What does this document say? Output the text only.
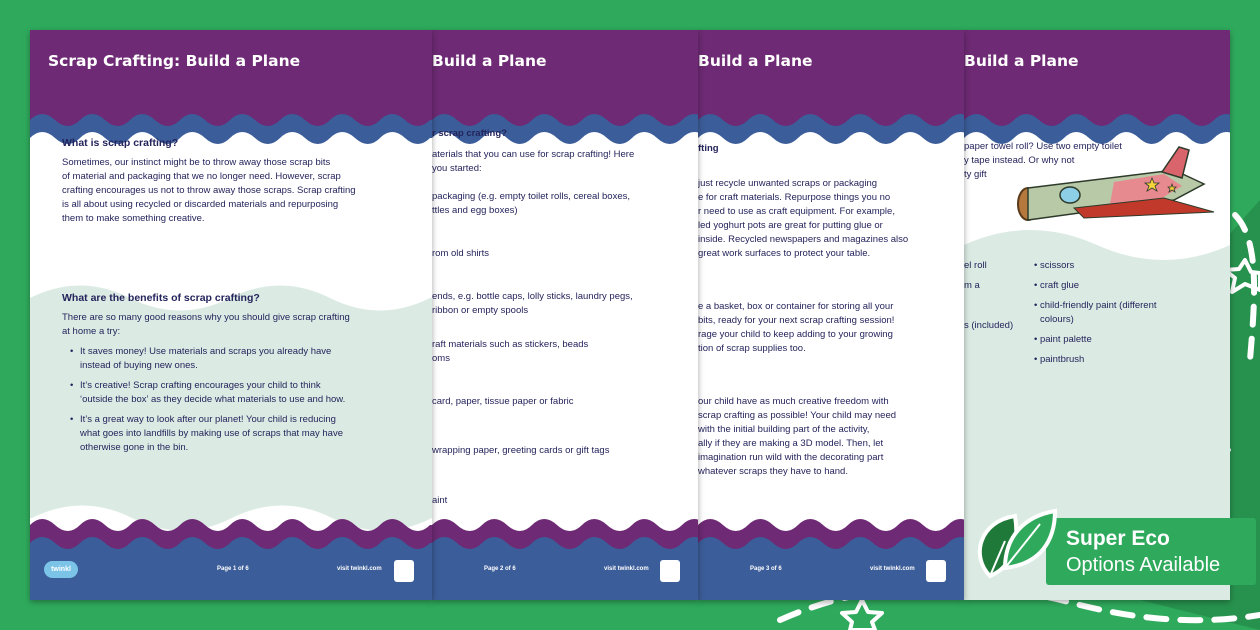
Scrap Crafting: Build a Plane
What is scrap crafting?
Sometimes, our instinct might be to throw away those scrap bits
of material and packaging that we no longer need. However, scrap
crafting encourages us not to throw away those scraps. Scrap crafting
is all about using recycled or discarded materials and repurposing
them to make something creative.
What are the benefits of scrap crafting?
There are so many good reasons why you should give scrap crafting
at home a try:
• It saves money! Use materials and scraps you already have
instead of buying new ones.
• It’s creative! Scrap crafting encourages your child to think
‘outside the box’ as they decide what materials to use and how.
• It’s a great way to look after our planet! Your child is reducing
what goes into landfills by making use of scraps that may have
otherwise gone in the bin.
twinkl	Page 1 of 6	visit twinkl.com
Build a Plane
r scrap crafting?
aterials that you can use for scrap crafting! Here
you started:
packaging (e.g. empty toilet rolls, cereal boxes,
ttles and egg boxes)
rom old shirts
ends, e.g. bottle caps, lolly sticks, laundry pegs,
ribbon or empty spools
raft materials such as stickers, beads
oms
card, paper, tissue paper or fabric
wrapping paper, greeting cards or gift tags
aint
Page 2 of 6	visit twinkl.com
Build a Plane
fting
just recycle unwanted scraps or packaging
e for craft materials. Repurpose things you no
r need to use as craft equipment. For example,
led yoghurt pots are great for putting glue or
inside. Recycled newspapers and magazines also
great work surfaces to protect your table.
e a basket, box or container for storing all your
bits, ready for your next scrap crafting session!
rage your child to keep adding to your growing
tion of scrap supplies too.
our child have as much creative freedom with
scrap crafting as possible! Your child may need
with the initial building part of the activity,
ally if they are making a 3D model. Then, let
imagination run wild with the decorating part
whatever scraps they have to hand.
Page 3 of 6	visit twinkl.com
Build a Plane
paper towel roll? Use two empty toilet
y tape instead. Or why not
ty gift
el roll
m a
s (included)
• scissors
• craft glue
• child-friendly paint (different colours)
• paint palette
• paintbrush
Super Eco
Options Available
